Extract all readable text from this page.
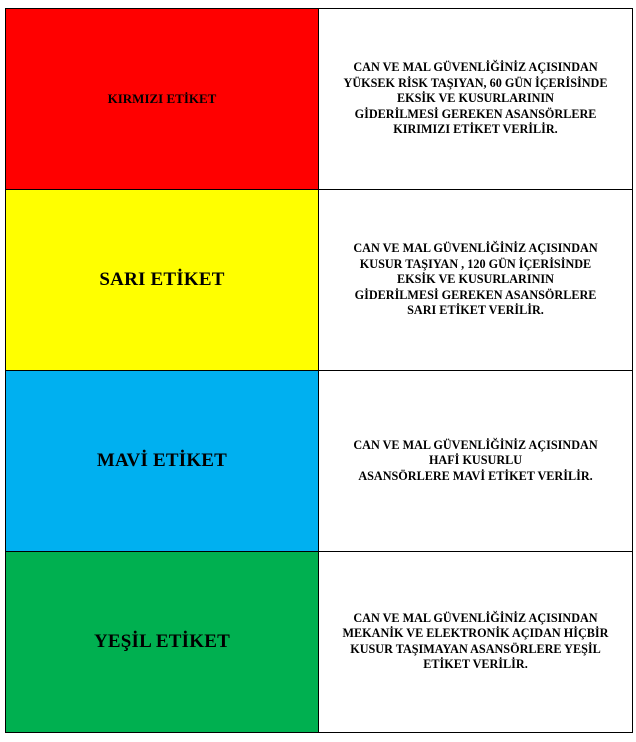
KIRMIZI ETİKET	CAN VE MAL GÜVENLİĞİNİZ AÇISINDAN
YÜKSEK RİSK TAŞIYAN, 60 GÜN İÇERİSİNDE
EKSİK VE KUSURLARININ
GİDERİLMESİ GEREKEN ASANSÖRLERE
KIRIMIZI ETİKET VERİLİR.
SARI ETİKET	CAN VE MAL GÜVENLİĞİNİZ AÇISINDAN
KUSUR TAŞIYAN , 120 GÜN İÇERİSİNDE
EKSİK VE KUSURLARININ
GİDERİLMESİ GEREKEN ASANSÖRLERE
SARI ETİKET VERİLİR.
MAVİ ETİKET	CAN VE MAL GÜVENLİĞİNİZ AÇISINDAN
HAFİ KUSURLU
ASANSÖRLERE MAVİ ETİKET VERİLİR.
YEŞİL ETİKET	CAN VE MAL GÜVENLİĞİNİZ AÇISINDAN
MEKANİK VE ELEKTRONİK AÇIDAN HİÇBİR
KUSUR TAŞIMAYAN ASANSÖRLERE YEŞİL
ETİKET VERİLİR.
